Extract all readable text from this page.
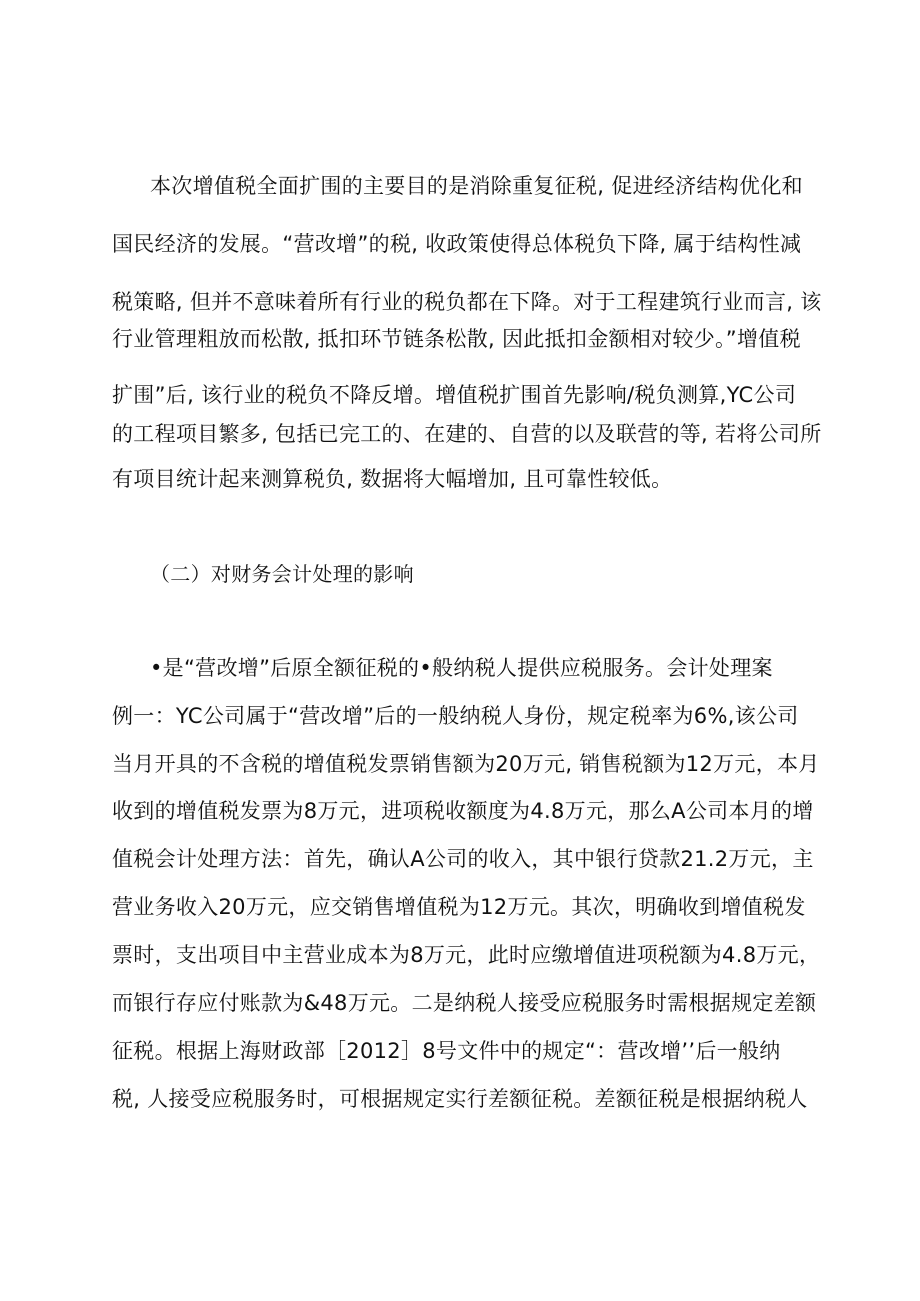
本次增值税全面扩围的主要目的是消除重复征税, 促进经济结构优化和
国民经济的发展。“营改增”的税, 收政策使得总体税负下降, 属于结构性减
税策略, 但并不意味着所有行业的税负都在下降。对于工程建筑行业而言, 该
行业管理粗放而松散, 抵扣环节链条松散, 因此抵扣金额相对较少。”增值税
扩围”后, 该行业的税负不降反增。增值税扩围首先影响/税负测算,YC公司
的工程项目繁多, 包括已完工的、在建的、自营的以及联营的等, 若将公司所
有项目统计起来测算税负, 数据将大幅增加, 且可靠性较低。
（二）对财务会计处理的影响
•是“营改增”后原全额征税的•般纳税人提供应税服务。会计处理案
例一：YC公司属于“营改增”后的一般纳税人身份，规定税率为6%,该公司
当月开具的不含税的增值税发票销售额为20万元, 销售税额为12万元，本月
收到的增值税发票为8万元，进项税收额度为4.8万元，那么A公司本月的增
值税会计处理方法：首先，确认A公司的收入，其中银行贷款21.2万元，主
营业务收入20万元，应交销售增值税为12万元。其次，明确收到增值税发
票时，支出项目中主营业成本为8万元，此时应缴增值进项税额为4.8万元，
而银行存应付账款为&48万元。二是纳税人接受应税服务时需根据规定差额
征税。根据上海财政部［2012］8号文件中的规定“：营改增’’后一般纳
税, 人接受应税服务时，可根据规定实行差额征税。差额征税是根据纳税人
